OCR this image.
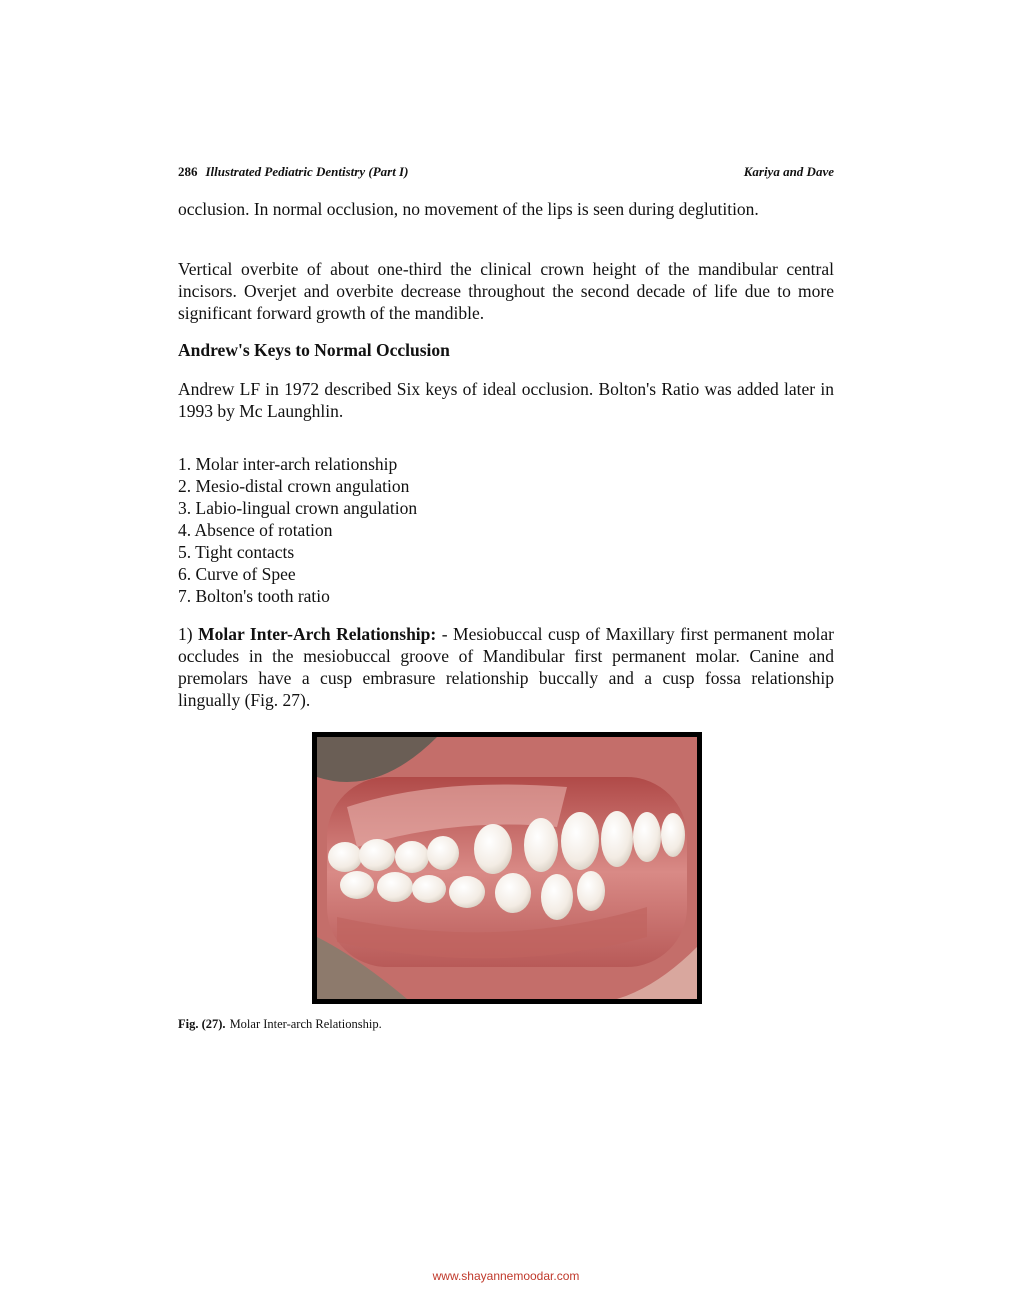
286 Illustrated Pediatric Dentistry (Part I)	Kariya and Dave

occlusion. In normal occlusion, no movement of the lips is seen during deglutition.

Vertical overbite of about one-third the clinical crown height of the mandibular central incisors. Overjet and overbite decrease throughout the second decade of life due to more significant forward growth of the mandible.

Andrew's Keys to Normal Occlusion

Andrew LF in 1972 described Six keys of ideal occlusion. Bolton's Ratio was added later in 1993 by Mc Launghlin.

1. Molar inter-arch relationship
2. Mesio-distal crown angulation
3. Labio-lingual crown angulation
4. Absence of rotation
5. Tight contacts
6. Curve of Spee
7. Bolton's tooth ratio

1) Molar Inter-Arch Relationship: - Mesiobuccal cusp of Maxillary first permanent molar occludes in the mesiobuccal groove of Mandibular first permanent molar. Canine and premolars have a cusp embrasure relationship buccally and a cusp fossa relationship lingually (Fig. 27).

Fig. (27). Molar Inter-arch Relationship.
www.shayannemoodar.com
